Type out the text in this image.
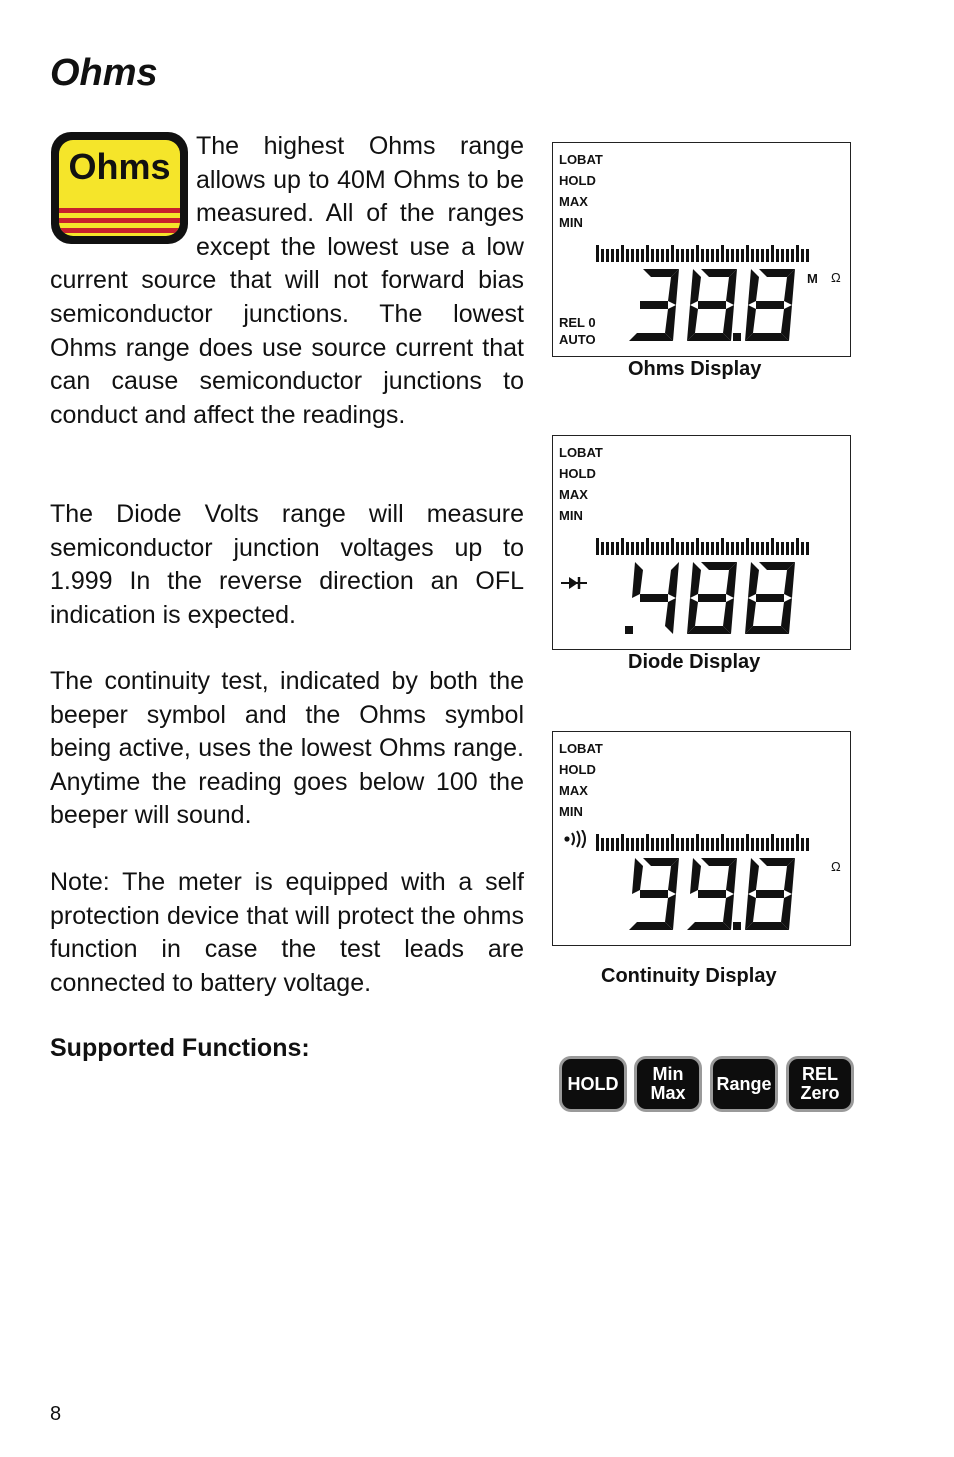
Ohms
Ohms	The highest Ohms range allows up to 40M Ohms to be measured. All of the ranges except the lowest use a low current source that will not forward bias semiconductor junctions. The lowest Ohms range does use source current that can cause semiconductor junctions to conduct and affect the readings.

The Diode Volts range will measure semiconductor junction voltages up to 1.999 In the reverse direction an OFL indication is expected.

The continuity test, indicated by both the beeper symbol and the Ohms symbol being active, uses the lowest Ohms range. Anytime the reading goes below 100 the beeper will sound.

Note: The meter is equipped with a self protection device that will protect the ohms function in case the test leads are connected to battery voltage.

Supported Functions:
LOBAT
HOLD
MAX
MIN
M Ω
REL 0
AUTO
Ohms Display
LOBAT
HOLD
MAX
MIN
Diode Display
LOBAT
HOLD
MAX
MIN
Ω
Continuity Display
HOLD Min
Max Range REL
Zero
8
